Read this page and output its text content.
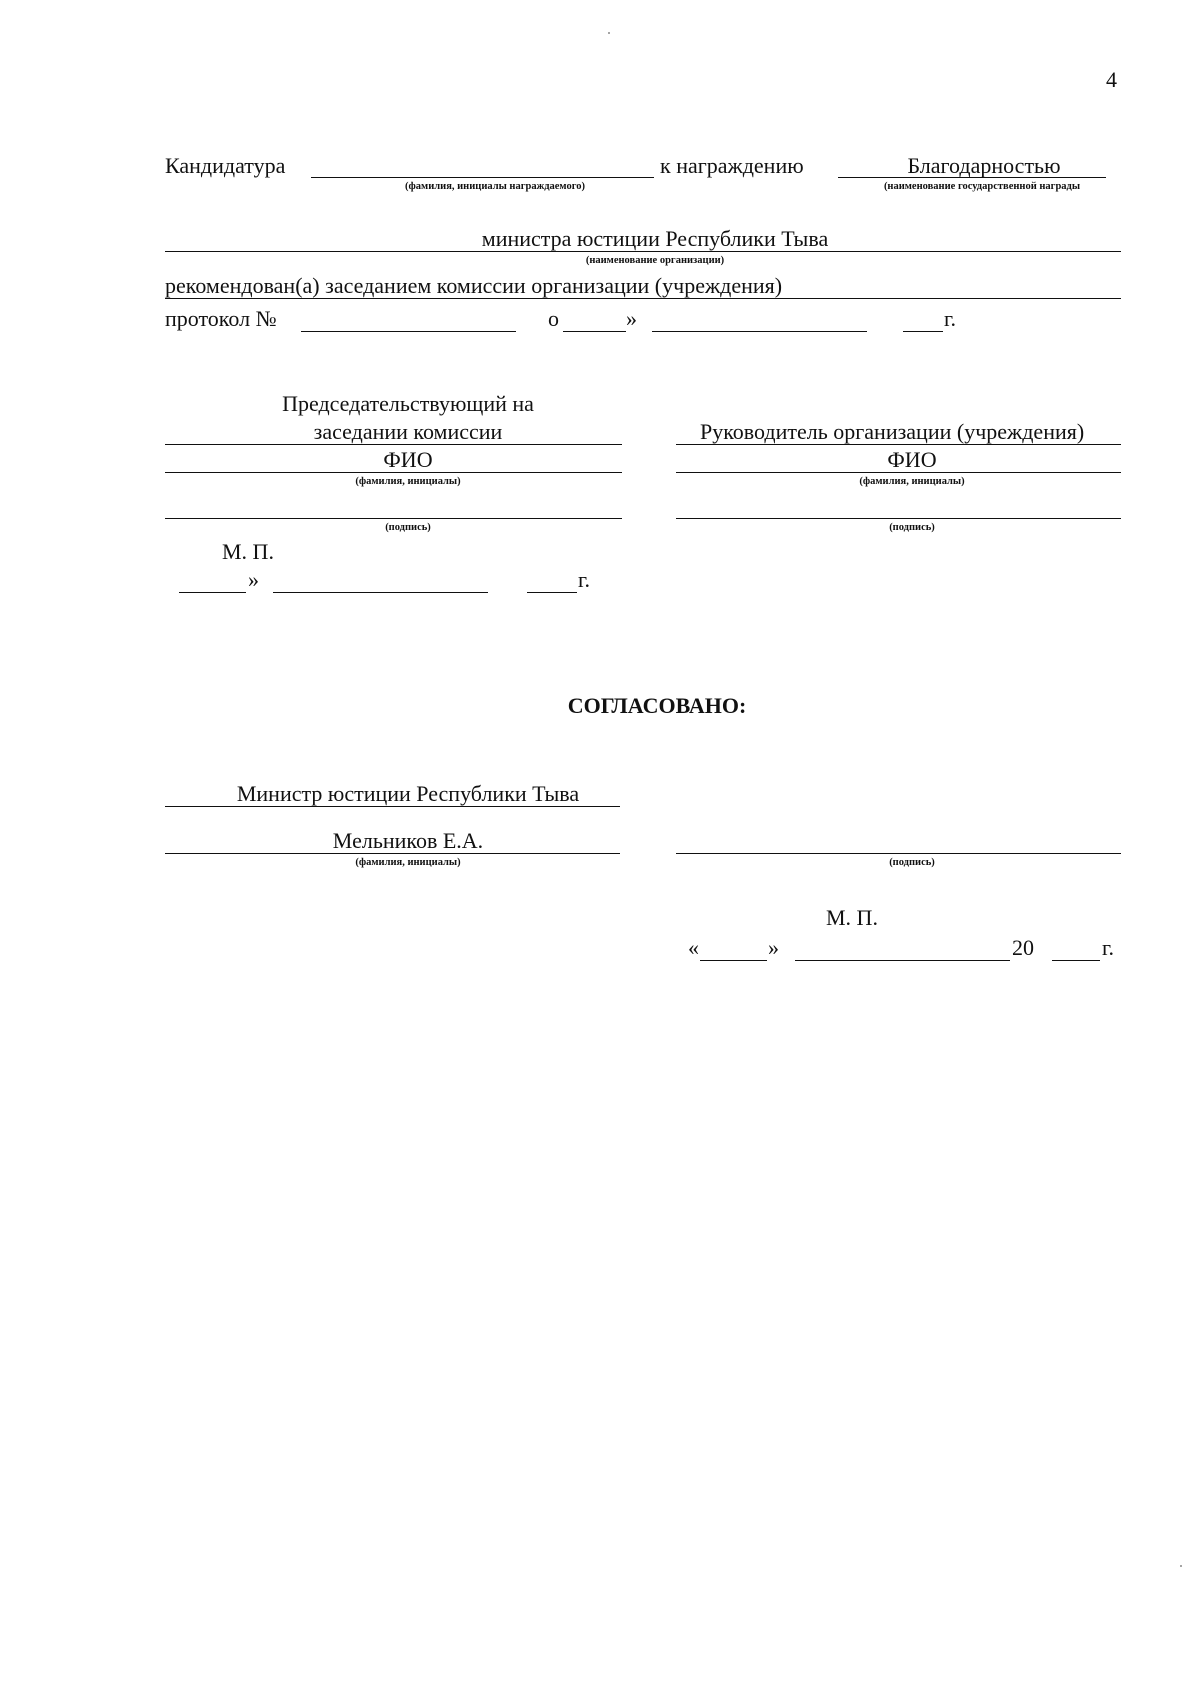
4
Кандидатура
(фамилия, инициалы награждаемого)
к награждению	Благодарностью
(наименование государственной награды
министра юстиции Республики Тыва
(наименование организации)
рекомендован(а) заседанием комиссии организации (учреждения)
протокол №	о	»	г.
Председательствующий на
заседании комиссии
ФИО
(фамилия, инициалы)
(подпись)
Руководитель организации (учреждения)
ФИО
(фамилия, инициалы)
(подпись)
М. П.
»	г.
СОГЛАСОВАНО:
Министр юстиции Республики Тыва
Мельников Е.А.
(фамилия, инициалы)	(подпись)
М. П.
«	»	20	г.
